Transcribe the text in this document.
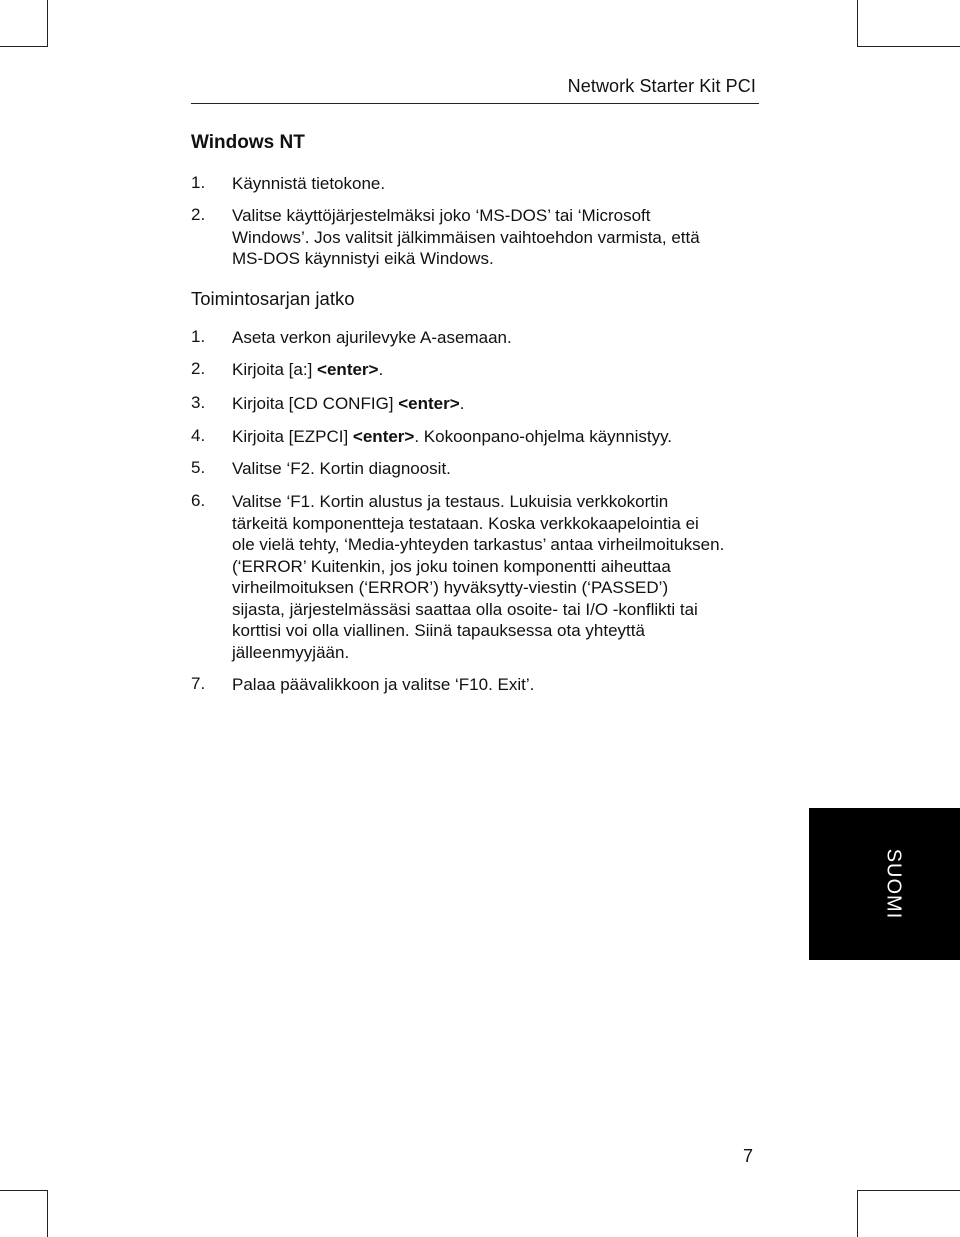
Network Starter Kit PCI
Windows NT
1. Käynnistä tietokone.
2. Valitse käyttöjärjestelmäksi joko ‘MS-DOS’ tai ‘Microsoft
Windows’. Jos valitsit jälkimmäisen vaihtoehdon varmista, että
MS-DOS käynnistyi eikä Windows.
Toimintosarjan jatko
1. Aseta verkon ajurilevyke A-asemaan.
2. Kirjoita [a:] <enter>.
3. Kirjoita [CD CONFIG] <enter>.
4. Kirjoita [EZPCI] <enter>. Kokoonpano-ohjelma käynnistyy.
5. Valitse ‘F2. Kortin diagnoosit.
6. Valitse ‘F1. Kortin alustus ja testaus. Lukuisia verkkokortin
tärkeitä komponentteja testataan. Koska verkkokaapelointia ei
ole vielä tehty, ‘Media-yhteyden tarkastus’ antaa virheilmoituksen.
(‘ERROR’ Kuitenkin, jos joku toinen komponentti aiheuttaa
virheilmoituksen (‘ERROR’) hyväksytty-viestin (‘PASSED’)
sijasta, järjestelmässäsi saattaa olla osoite- tai I/O -konflikti tai
korttisi voi olla viallinen. Siinä tapauksessa ota yhteyttä
jälleenmyyjään.
7. Palaa päävalikkoon ja valitse ‘F10. Exit’.
SUOMI
7
